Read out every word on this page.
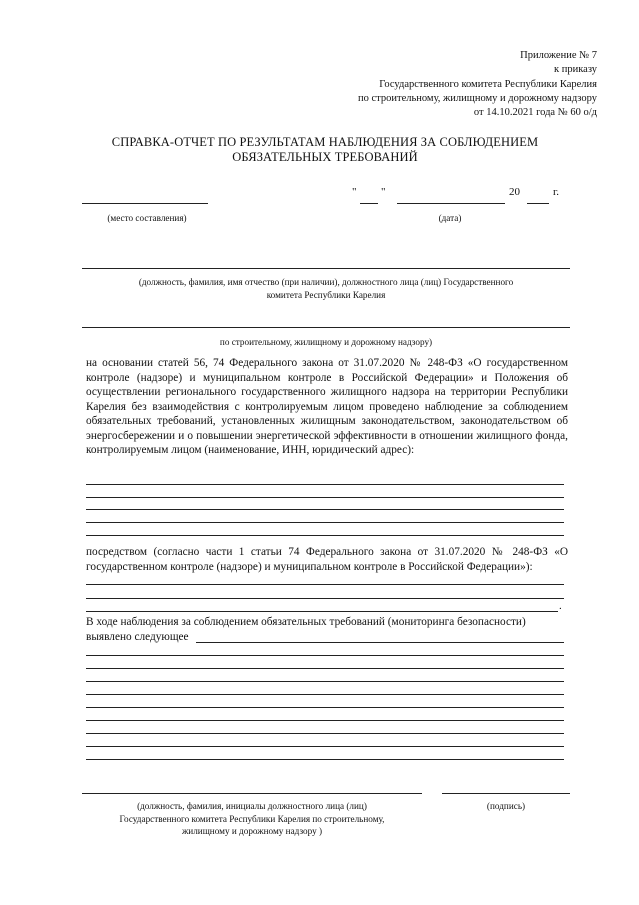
Приложение № 7
к приказу
Государственного комитета Республики Карелия
по строительному, жилищному и дорожному надзору
от 14.10.2021 года № 60 о/д
СПРАВКА-ОТЧЕТ ПО РЕЗУЛЬТАТАМ НАБЛЮДЕНИЯ ЗА СОБЛЮДЕНИЕМ
ОБЯЗАТЕЛЬНЫХ ТРЕБОВАНИЙ
(место составления)
" "	20	г.
(дата)
(должность, фамилия, имя отчество (при наличии), должностного лица (лиц) Государственного
комитета Республики Карелия
по строительному, жилищному и дорожному надзору)
на основании статей 56, 74 Федерального закона от 31.07.2020 № 248-ФЗ «О государственном контроле (надзоре) и муниципальном контроле в Российской Федерации» и Положения об осуществлении регионального государственного жилищного надзора на территории Республики Карелия без взаимодействия с контролируемым лицом проведено наблюдение за соблюдением обязательных требований, установленных жилищным законодательством, законодательством об энергосбережении и о повышении энергетической эффективности в отношении жилищного фонда, контролируемым лицом (наименование, ИНН, юридический адрес):
посредством (согласно части 1 статьи 74 Федерального закона от 31.07.2020 № 248-ФЗ «О государственном контроле (надзоре) и муниципальном контроле в Российской Федерации»):
.
В ходе наблюдения за соблюдением обязательных требований (мониторинга безопасности)
выявлено следующее
(должность, фамилия, инициалы должностного лица (лиц)
Государственного комитета Республики Карелия по строительному,
жилищному и дорожному надзору )
(подпись)
